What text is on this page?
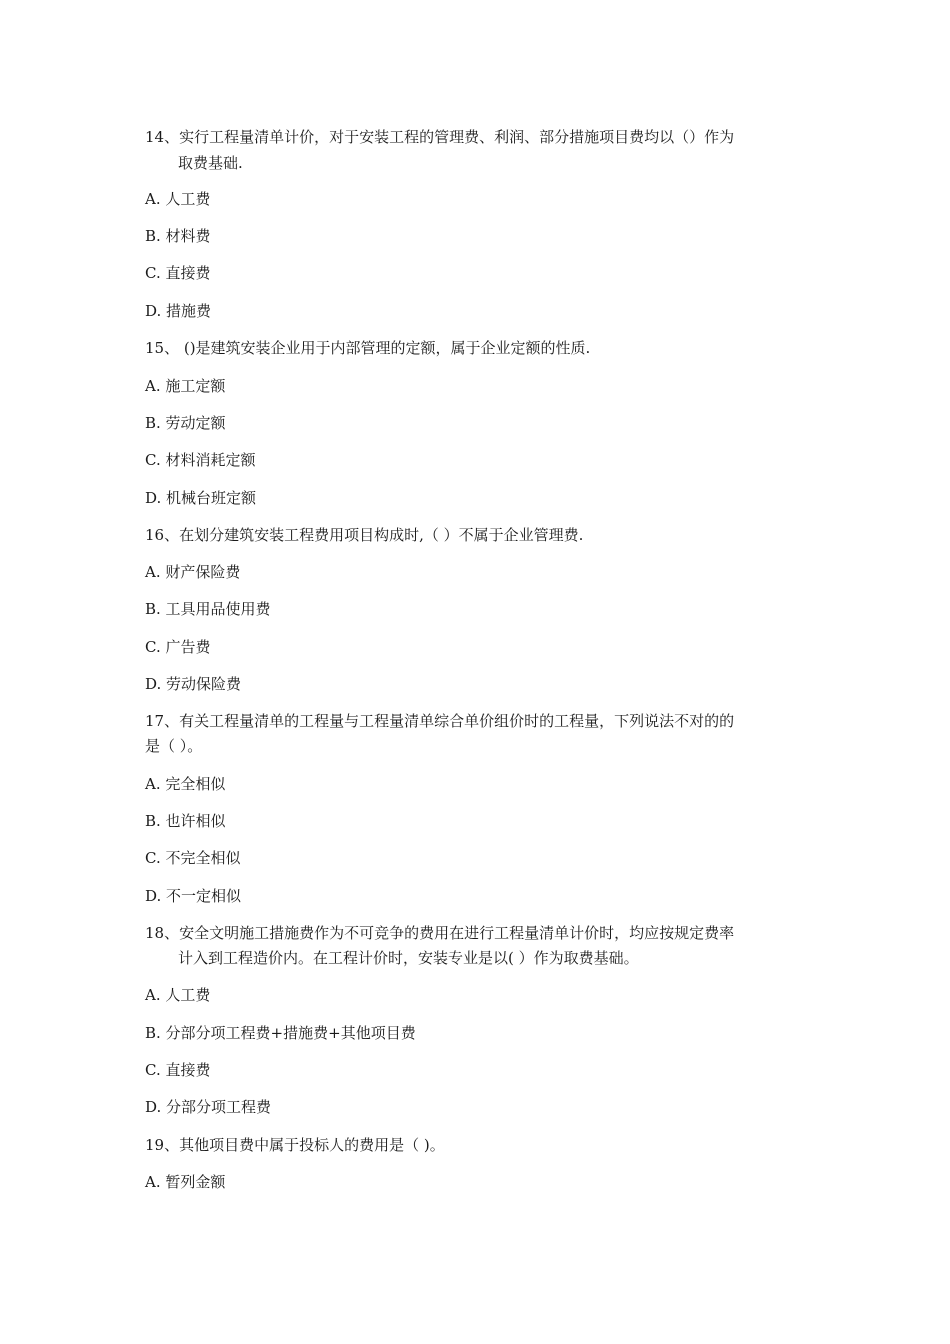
14、实行工程量清单计价，对于安装工程的管理费、利润、部分措施项目费均以（）作为
取费基础.
A. 人工费
B. 材料费
C. 直接费
D. 措施费
15、 ()是建筑安装企业用于内部管理的定额，属于企业定额的性质.
A. 施工定额
B. 劳动定额
C. 材料消耗定额
D. 机械台班定额
16、在划分建筑安装工程费用项目构成时,（ ）不属于企业管理费.
A. 财产保险费
B. 工具用品使用费
C. 广告费
D. 劳动保险费
17、有关工程量清单的工程量与工程量清单综合单价组价时的工程量，下列说法不对的的
是（ ）。
A. 完全相似
B. 也许相似
C. 不完全相似
D. 不一定相似
18、安全文明施工措施费作为不可竞争的费用在进行工程量清单计价时，均应按规定费率
计入到工程造价内。在工程计价时，安装专业是以( ）作为取费基础。
A. 人工费
B. 分部分项工程费+措施费+其他项目费
C. 直接费
D. 分部分项工程费
19、其他项目费中属于投标人的费用是（ )。
A. 暂列金额
